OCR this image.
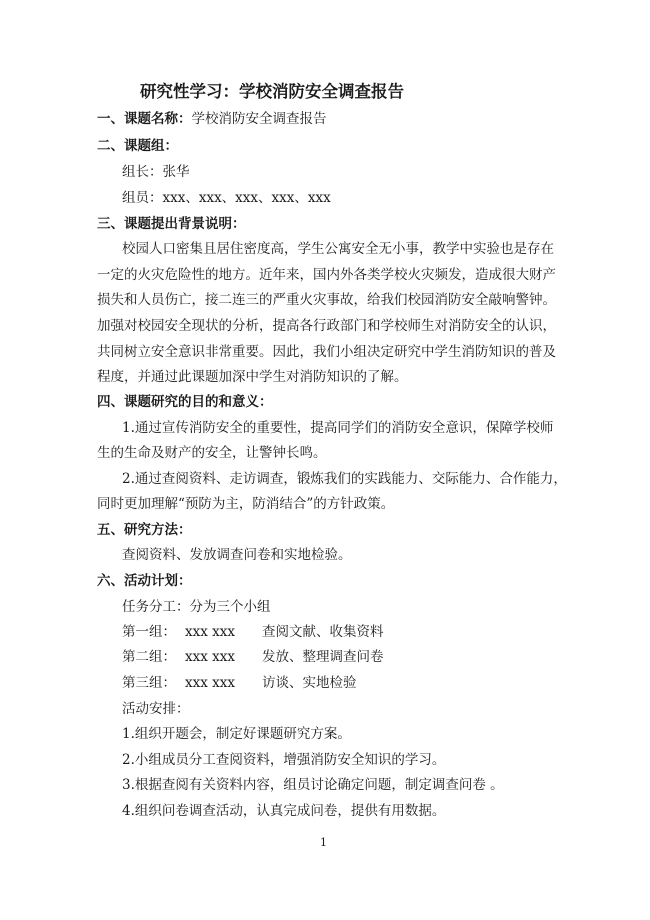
研究性学习：学校消防安全调查报告
一、课题名称：学校消防安全调查报告
二、课题组：
组长：张华
组员：xxx、xxx、xxx、xxx、xxx
三、课题提出背景说明：
校园人口密集且居住密度高，学生公寓安全无小事，教学中实验也是存在
一定的火灾危险性的地方。近年来，国内外各类学校火灾频发，造成很大财产
损失和人员伤亡，接二连三的严重火灾事故，给我们校园消防安全敲响警钟。
加强对校园安全现状的分析，提高各行政部门和学校师生对消防安全的认识，
共同树立安全意识非常重要。因此，我们小组决定研究中学生消防知识的普及
程度，并通过此课题加深中学生对消防知识的了解。
四、课题研究的目的和意义：
1.通过宣传消防安全的重要性，提高同学们的消防安全意识，保障学校师
生的生命及财产的安全，让警钟长鸣。
2.通过查阅资料、走访调查，锻炼我们的实践能力、交际能力、合作能力，
同时更加理解“预防为主，防消结合”的方针政策。
五、研究方法：
查阅资料、发放调查问卷和实地检验。
六、活动计划：
任务分工：分为三个小组
第一组： xxx xxx 查阅文献、收集资料
第二组： xxx xxx 发放、整理调查问卷
第三组： xxx xxx 访谈、实地检验
活动安排：
1.组织开题会，制定好课题研究方案。
2.小组成员分工查阅资料，增强消防安全知识的学习。
3.根据查阅有关资料内容，组员讨论确定问题，制定调查问卷 。
4.组织问卷调查活动，认真完成问卷，提供有用数据。
1
